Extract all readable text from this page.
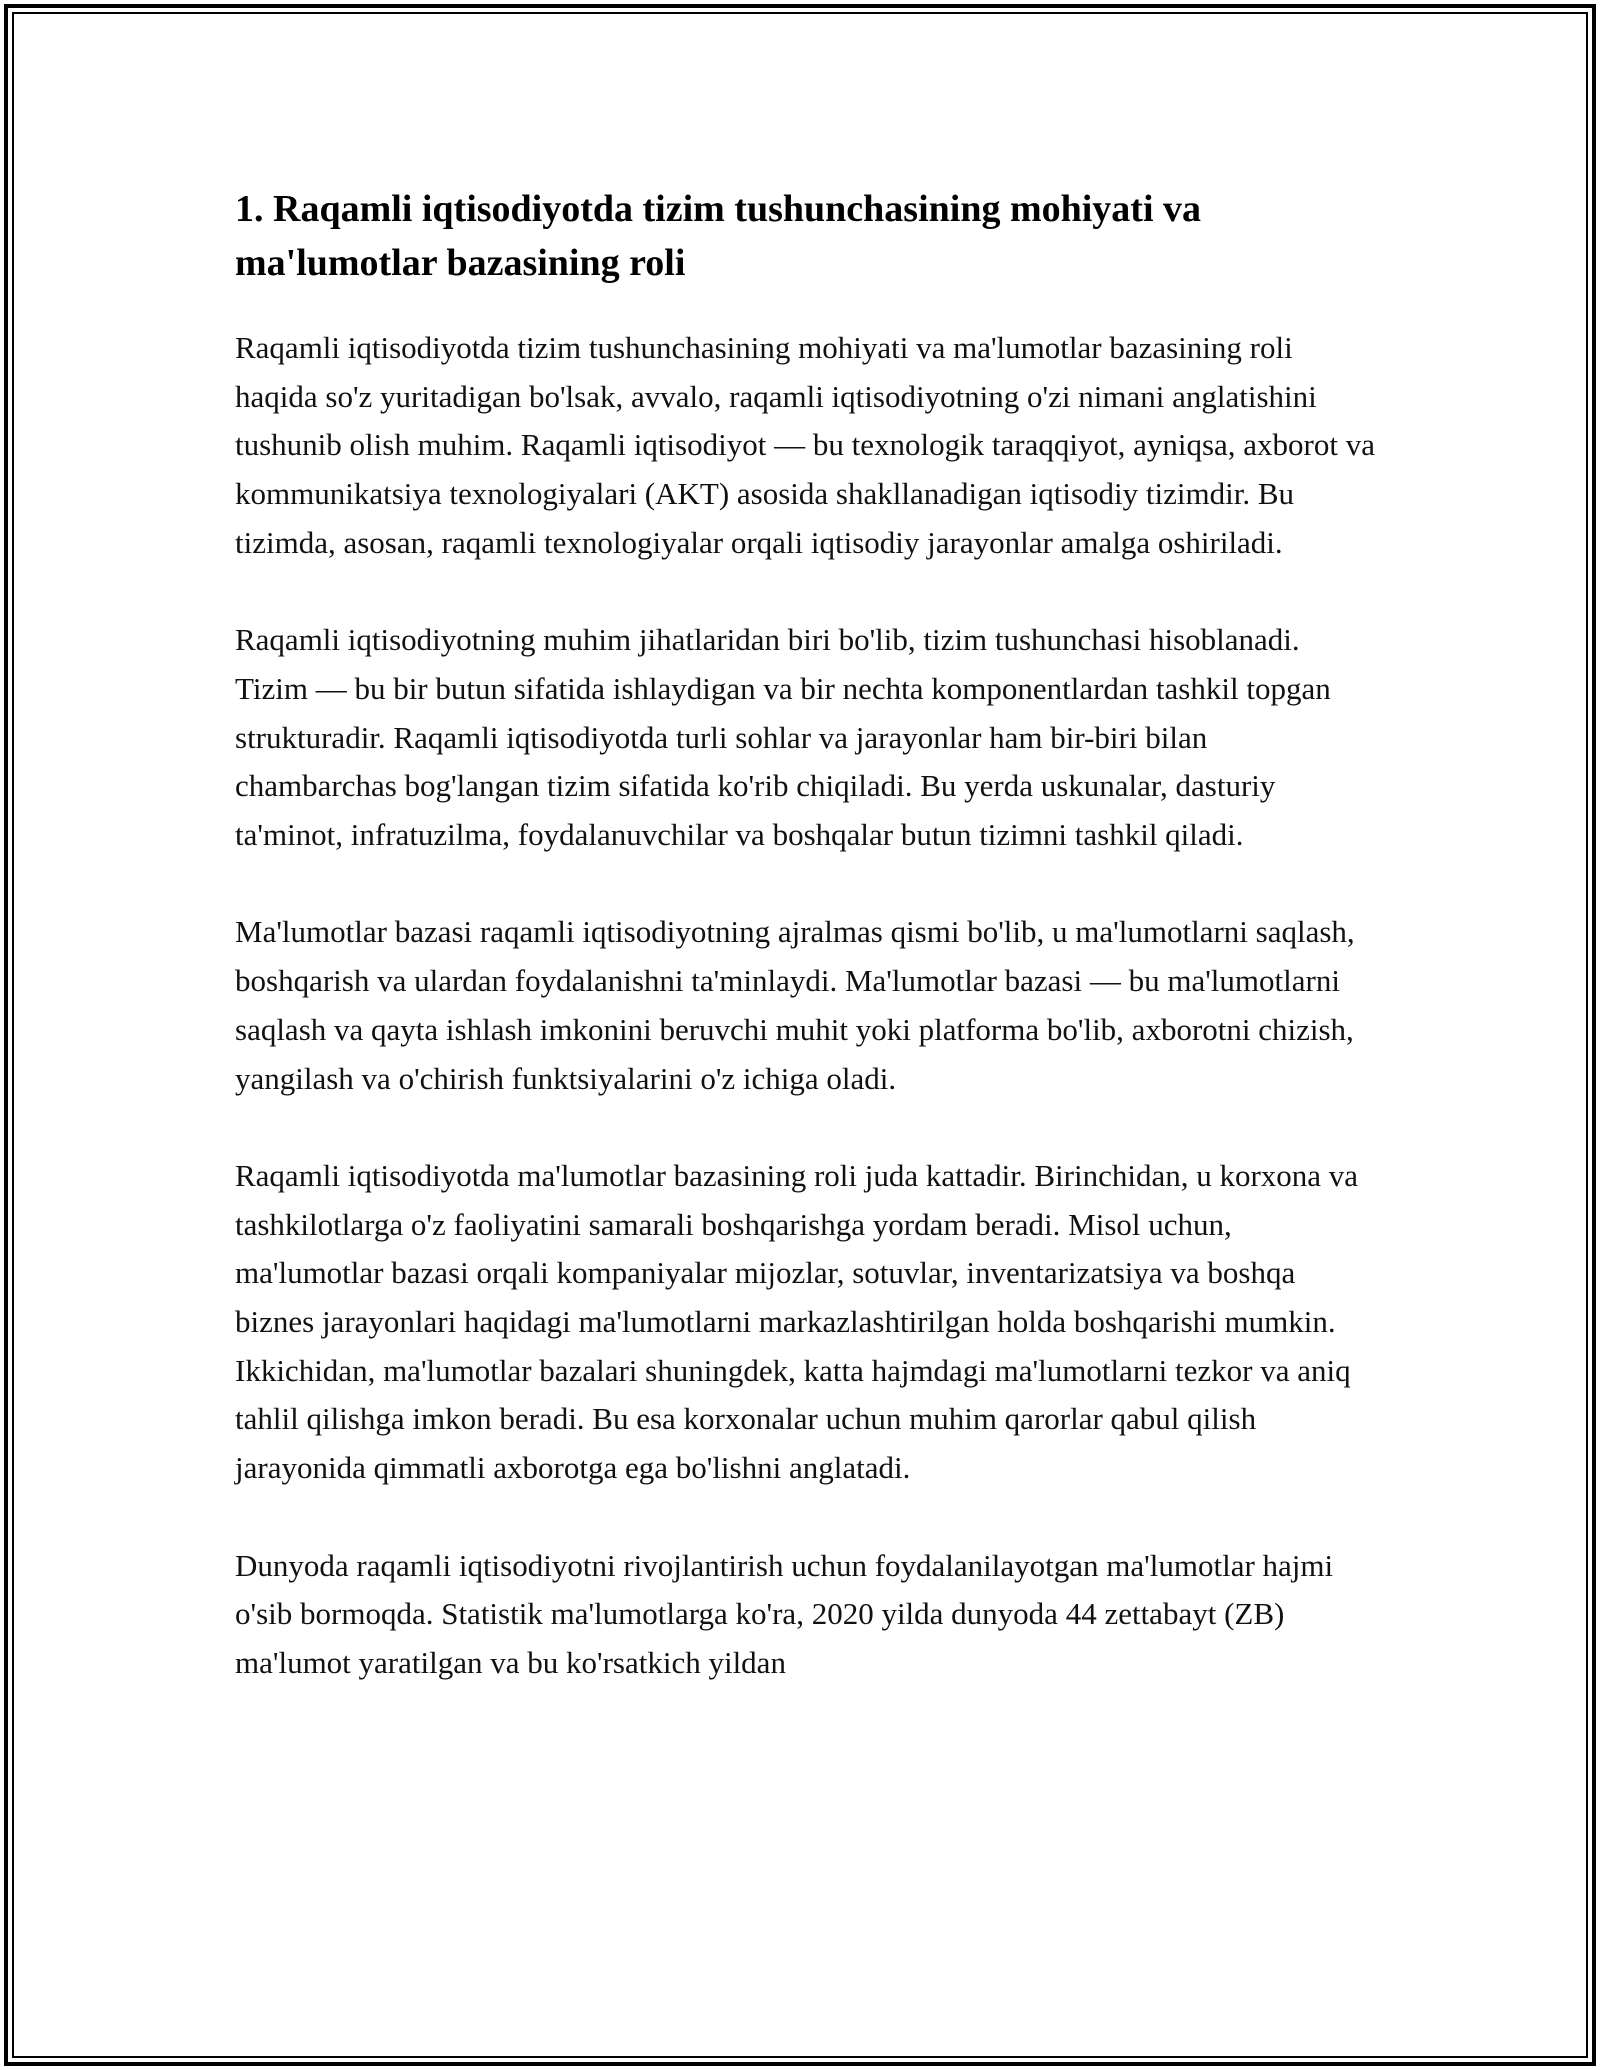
1. Raqamli iqtisodiyotda tizim tushunchasining mohiyati va ma'lumotlar bazasining roli

Raqamli iqtisodiyotda tizim tushunchasining mohiyati va ma'lumotlar bazasining roli haqida so'z yuritadigan bo'lsak, avvalo, raqamli iqtisodiyotning o'zi nimani anglatishini tushunib olish muhim. Raqamli iqtisodiyot — bu texnologik taraqqiyot, ayniqsa, axborot va kommunikatsiya texnologiyalari (AKT) asosida shakllanadigan iqtisodiy tizimdir. Bu tizimda, asosan, raqamli texnologiyalar orqali iqtisodiy jarayonlar amalga oshiriladi.

Raqamli iqtisodiyotning muhim jihatlaridan biri bo'lib, tizim tushunchasi hisoblanadi. Tizim — bu bir butun sifatida ishlaydigan va bir nechta komponentlardan tashkil topgan strukturadir. Raqamli iqtisodiyotda turli sohlar va jarayonlar ham bir-biri bilan chambarchas bog'langan tizim sifatida ko'rib chiqiladi. Bu yerda uskunalar, dasturiy ta'minot, infratuzilma, foydalanuvchilar va boshqalar butun tizimni tashkil qiladi.

Ma'lumotlar bazasi raqamli iqtisodiyotning ajralmas qismi bo'lib, u ma'lumotlarni saqlash, boshqarish va ulardan foydalanishni ta'minlaydi. Ma'lumotlar bazasi — bu ma'lumotlarni saqlash va qayta ishlash imkonini beruvchi muhit yoki platforma bo'lib, axborotni chizish, yangilash va o'chirish funktsiyalarini o'z ichiga oladi.

Raqamli iqtisodiyotda ma'lumotlar bazasining roli juda kattadir. Birinchidan, u korxona va tashkilotlarga o'z faoliyatini samarali boshqarishga yordam beradi. Misol uchun, ma'lumotlar bazasi orqali kompaniyalar mijozlar, sotuvlar, inventarizatsiya va boshqa biznes jarayonlari haqidagi ma'lumotlarni markazlashtirilgan holda boshqarishi mumkin. Ikkichidan, ma'lumotlar bazalari shuningdek, katta hajmdagi ma'lumotlarni tezkor va aniq tahlil qilishga imkon beradi. Bu esa korxonalar uchun muhim qarorlar qabul qilish jarayonida qimmatli axborotga ega bo'lishni anglatadi.

Dunyoda raqamli iqtisodiyotni rivojlantirish uchun foydalanilayotgan ma'lumotlar hajmi o'sib bormoqda. Statistik ma'lumotlarga ko'ra, 2020 yilda dunyoda 44 zettabayt (ZB) ma'lumot yaratilgan va bu ko'rsatkich yildan
